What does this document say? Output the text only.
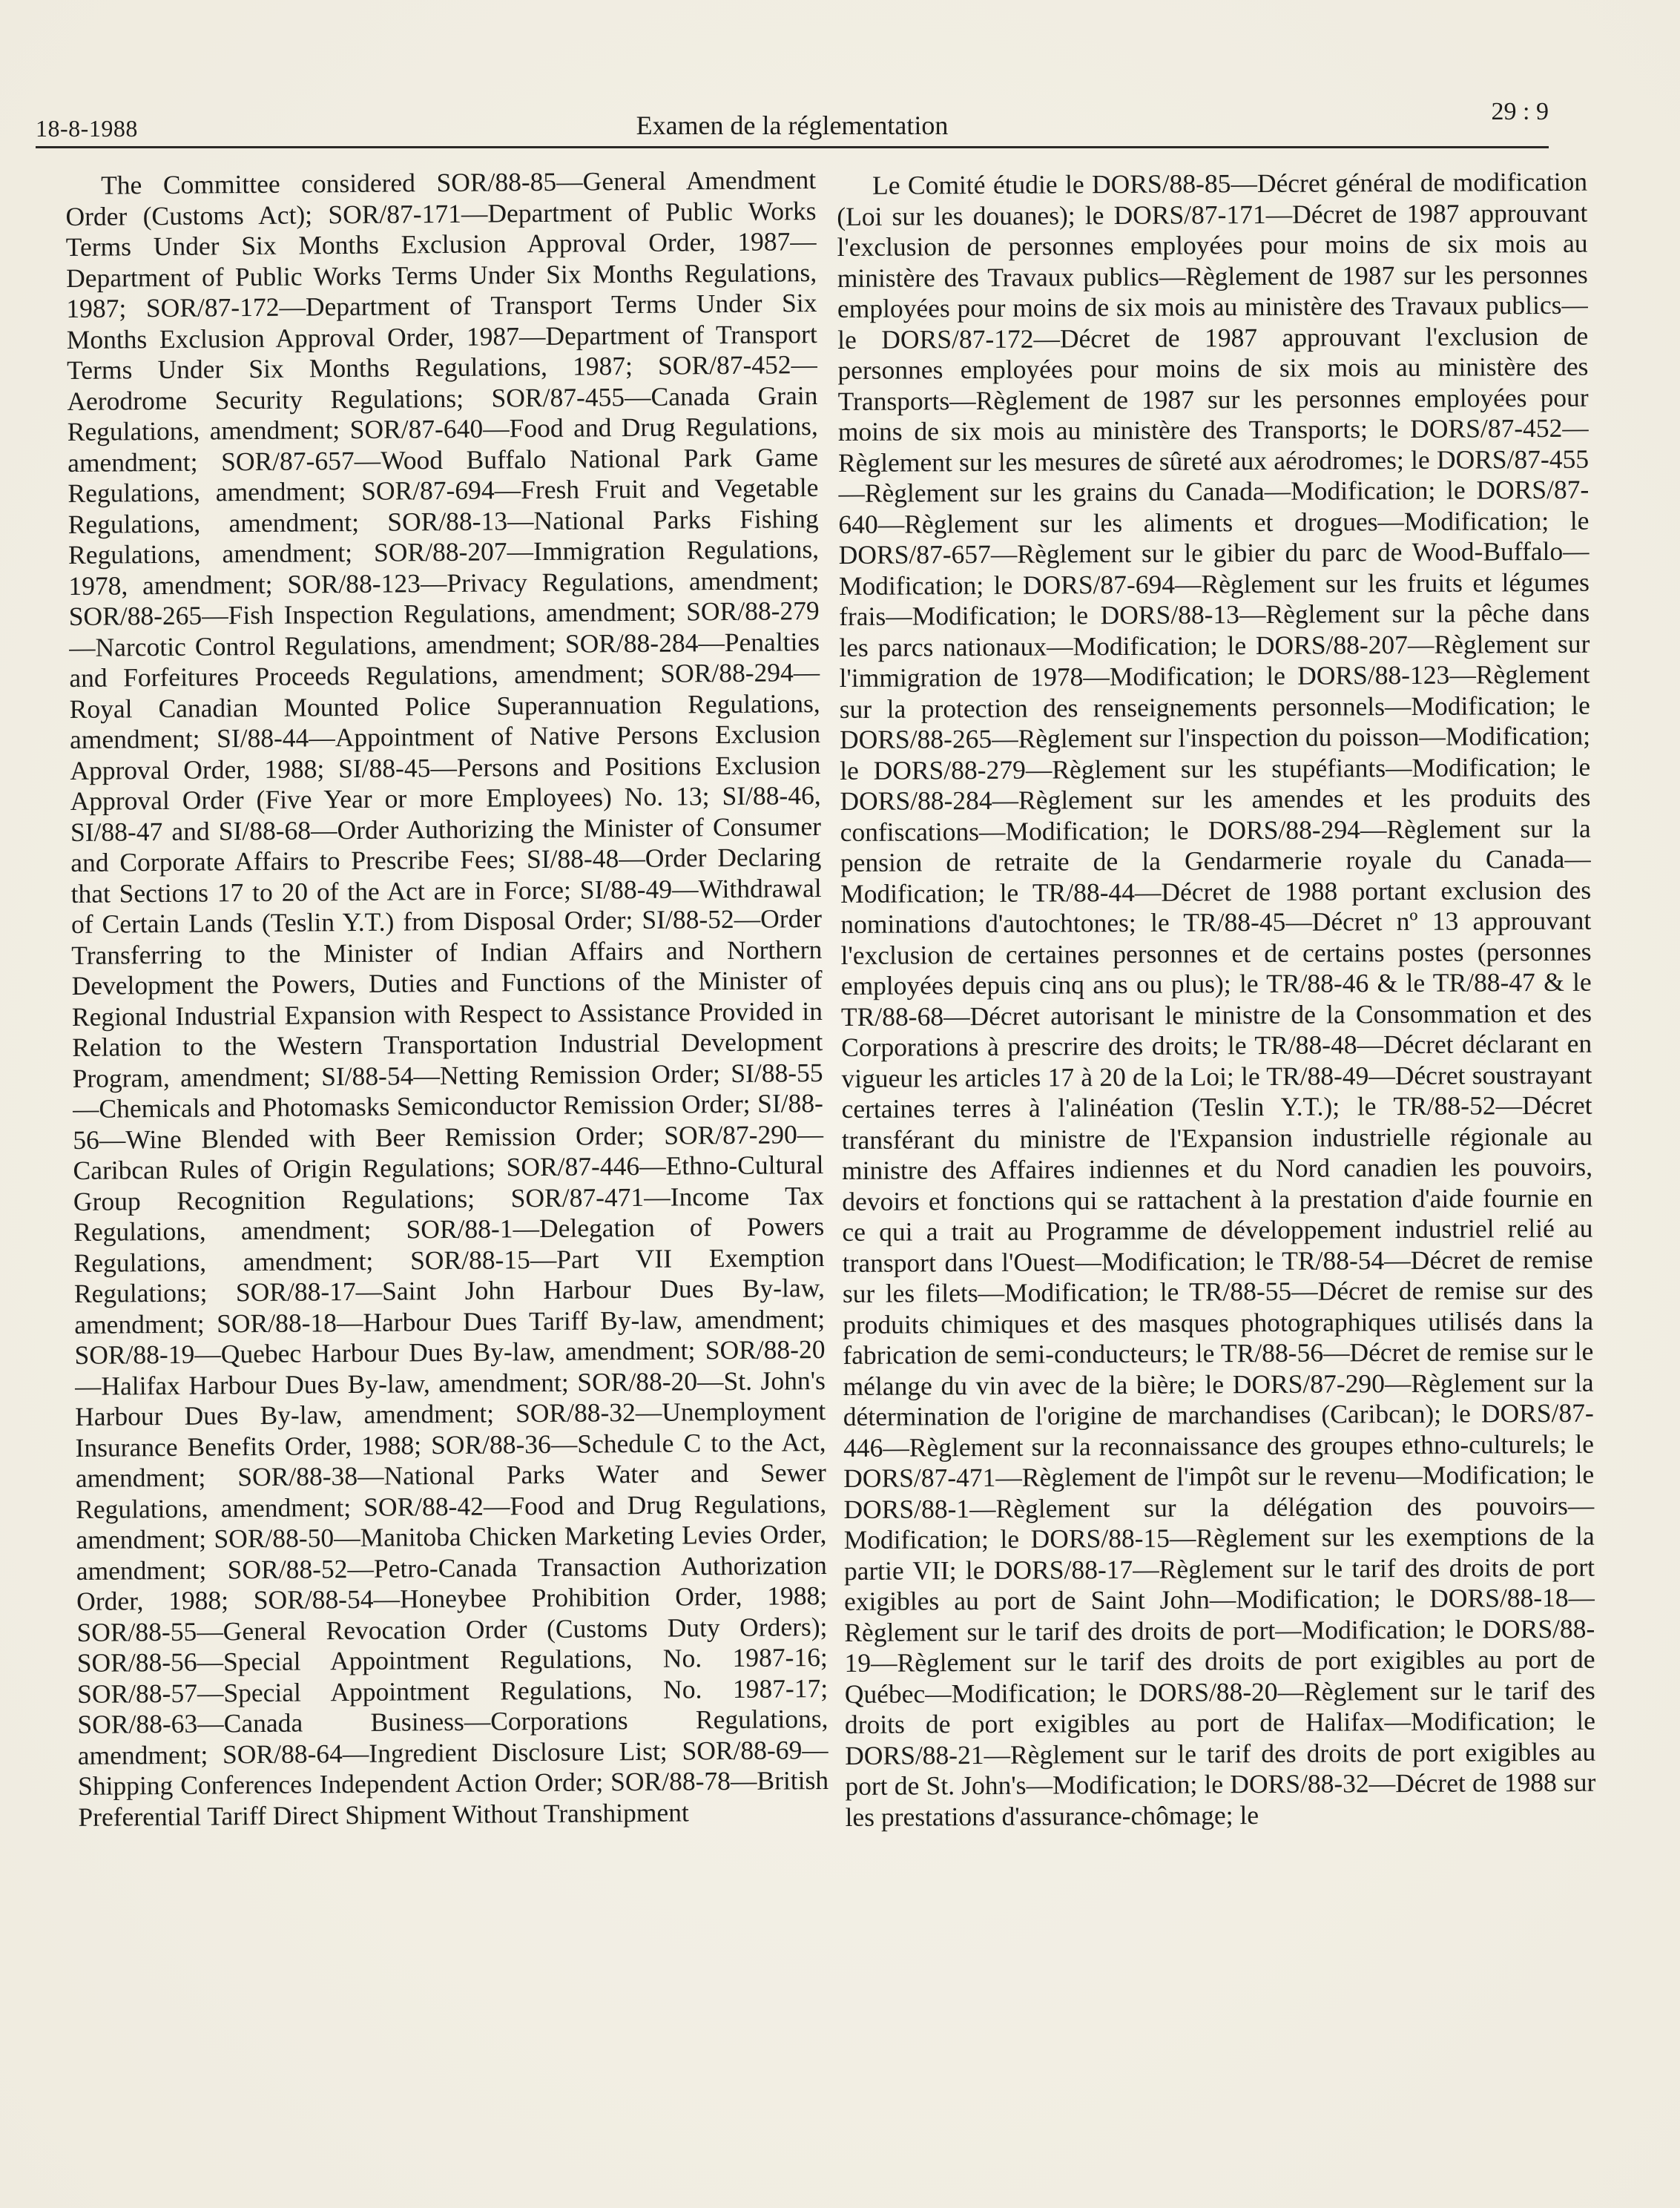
18-8-1988	Examen de la réglementation	29 : 9

The Committee considered SOR/88-85—General Amendment Order (Customs Act); SOR/87-171—Department of Public Works Terms Under Six Months Exclusion Approval Order, 1987—Department of Public Works Terms Under Six Months Regulations, 1987; SOR/87-172—Department of Transport Terms Under Six Months Exclusion Approval Order, 1987—Department of Transport Terms Under Six Months Regulations, 1987; SOR/87-452—Aerodrome Security Regulations; SOR/87-455—Canada Grain Regulations, amendment; SOR/87-640—Food and Drug Regulations, amendment; SOR/87-657—Wood Buffalo National Park Game Regulations, amendment; SOR/87-694—Fresh Fruit and Vegetable Regulations, amendment; SOR/88-13—National Parks Fishing Regulations, amendment; SOR/88-207—Immigration Regulations, 1978, amendment; SOR/88-123—Privacy Regulations, amendment; SOR/88-265—Fish Inspection Regulations, amendment; SOR/88-279—Narcotic Control Regulations, amendment; SOR/88-284—Penalties and Forfeitures Proceeds Regulations, amendment; SOR/88-294—Royal Canadian Mounted Police Superannuation Regulations, amendment; SI/88-44—Appointment of Native Persons Exclusion Approval Order, 1988; SI/88-45—Persons and Positions Exclusion Approval Order (Five Year or more Employees) No. 13; SI/88-46, SI/88-47 and SI/88-68—Order Authorizing the Minister of Consumer and Corporate Affairs to Prescribe Fees; SI/88-48—Order Declaring that Sections 17 to 20 of the Act are in Force; SI/88-49—Withdrawal of Certain Lands (Teslin Y.T.) from Disposal Order; SI/88-52—Order Transferring to the Minister of Indian Affairs and Northern Development the Powers, Duties and Functions of the Minister of Regional Industrial Expansion with Respect to Assistance Provided in Relation to the Western Transportation Industrial Development Program, amendment; SI/88-54—Netting Remission Order; SI/88-55—Chemicals and Photomasks Semiconductor Remission Order; SI/88-56—Wine Blended with Beer Remission Order; SOR/87-290—Caribcan Rules of Origin Regulations; SOR/87-446—Ethno-Cultural Group Recognition Regulations; SOR/87-471—Income Tax Regulations, amendment; SOR/88-1—Delegation of Powers Regulations, amendment; SOR/88-15—Part VII Exemption Regulations; SOR/88-17—Saint John Harbour Dues By-law, amendment; SOR/88-18—Harbour Dues Tariff By-law, amendment; SOR/88-19—Quebec Harbour Dues By-law, amendment; SOR/88-20—Halifax Harbour Dues By-law, amendment; SOR/88-20—St. John's Harbour Dues By-law, amendment; SOR/88-32—Unemployment Insurance Benefits Order, 1988; SOR/88-36—Schedule C to the Act, amendment; SOR/88-38—National Parks Water and Sewer Regulations, amendment; SOR/88-42—Food and Drug Regulations, amendment; SOR/88-50—Manitoba Chicken Marketing Levies Order, amendment; SOR/88-52—Petro-Canada Transaction Authorization Order, 1988; SOR/88-54—Honeybee Prohibition Order, 1988; SOR/88-55—General Revocation Order (Customs Duty Orders); SOR/88-56—Special Appointment Regulations, No. 1987-16; SOR/88-57—Special Appointment Regulations, No. 1987-17; SOR/88-63—Canada Business—Corporations Regulations, amendment; SOR/88-64—Ingredient Disclosure List; SOR/88-69—Shipping Conferences Independent Action Order; SOR/88-78—British Preferential Tariff Direct Shipment Without Transhipment

Le Comité étudie le DORS/88-85—Décret général de modification (Loi sur les douanes); le DORS/87-171—Décret de 1987 approuvant l'exclusion de personnes employées pour moins de six mois au ministère des Travaux publics—Règlement de 1987 sur les personnes employées pour moins de six mois au ministère des Travaux publics—le DORS/87-172—Décret de 1987 approuvant l'exclusion de personnes employées pour moins de six mois au ministère des Transports—Règlement de 1987 sur les personnes employées pour moins de six mois au ministère des Transports; le DORS/87-452—Règlement sur les mesures de sûreté aux aérodromes; le DORS/87-455—Règlement sur les grains du Canada—Modification; le DORS/87-640—Règlement sur les aliments et drogues—Modification; le DORS/87-657—Règlement sur le gibier du parc de Wood-Buffalo—Modification; le DORS/87-694—Règlement sur les fruits et légumes frais—Modification; le DORS/88-13—Règlement sur la pêche dans les parcs nationaux—Modification; le DORS/88-207—Règlement sur l'immigration de 1978—Modification; le DORS/88-123—Règlement sur la protection des renseignements personnels—Modification; le DORS/88-265—Règlement sur l'inspection du poisson—Modification; le DORS/88-279—Règlement sur les stupéfiants—Modification; le DORS/88-284—Règlement sur les amendes et les produits des confiscations—Modification; le DORS/88-294—Règlement sur la pension de retraite de la Gendarmerie royale du Canada—Modification; le TR/88-44—Décret de 1988 portant exclusion des nominations d'autochtones; le TR/88-45—Décret nº 13 approuvant l'exclusion de certaines personnes et de certains postes (personnes employées depuis cinq ans ou plus); le TR/88-46 & le TR/88-47 & le TR/88-68—Décret autorisant le ministre de la Consommation et des Corporations à prescrire des droits; le TR/88-48—Décret déclarant en vigueur les articles 17 à 20 de la Loi; le TR/88-49—Décret soustrayant certaines terres à l'alinéation (Teslin Y.T.); le TR/88-52—Décret transférant du ministre de l'Expansion industrielle régionale au ministre des Affaires indiennes et du Nord canadien les pouvoirs, devoirs et fonctions qui se rattachent à la prestation d'aide fournie en ce qui a trait au Programme de développement industriel relié au transport dans l'Ouest—Modification; le TR/88-54—Décret de remise sur les filets—Modification; le TR/88-55—Décret de remise sur des produits chimiques et des masques photographiques utilisés dans la fabrication de semi-conducteurs; le TR/88-56—Décret de remise sur le mélange du vin avec de la bière; le DORS/87-290—Règlement sur la détermination de l'origine de marchandises (Caribcan); le DORS/87-446—Règlement sur la reconnaissance des groupes ethno-culturels; le DORS/87-471—Règlement de l'impôt sur le revenu—Modification; le DORS/88-1—Règlement sur la délégation des pouvoirs—Modification; le DORS/88-15—Règlement sur les exemptions de la partie VII; le DORS/88-17—Règlement sur le tarif des droits de port exigibles au port de Saint John—Modification; le DORS/88-18—Règlement sur le tarif des droits de port—Modification; le DORS/88-19—Règlement sur le tarif des droits de port exigibles au port de Québec—Modification; le DORS/88-20—Règlement sur le tarif des droits de port exigibles au port de Halifax—Modification; le DORS/88-21—Règlement sur le tarif des droits de port exigibles au port de St. John's—Modification; le DORS/88-32—Décret de 1988 sur les prestations d'assurance-chômage; le
